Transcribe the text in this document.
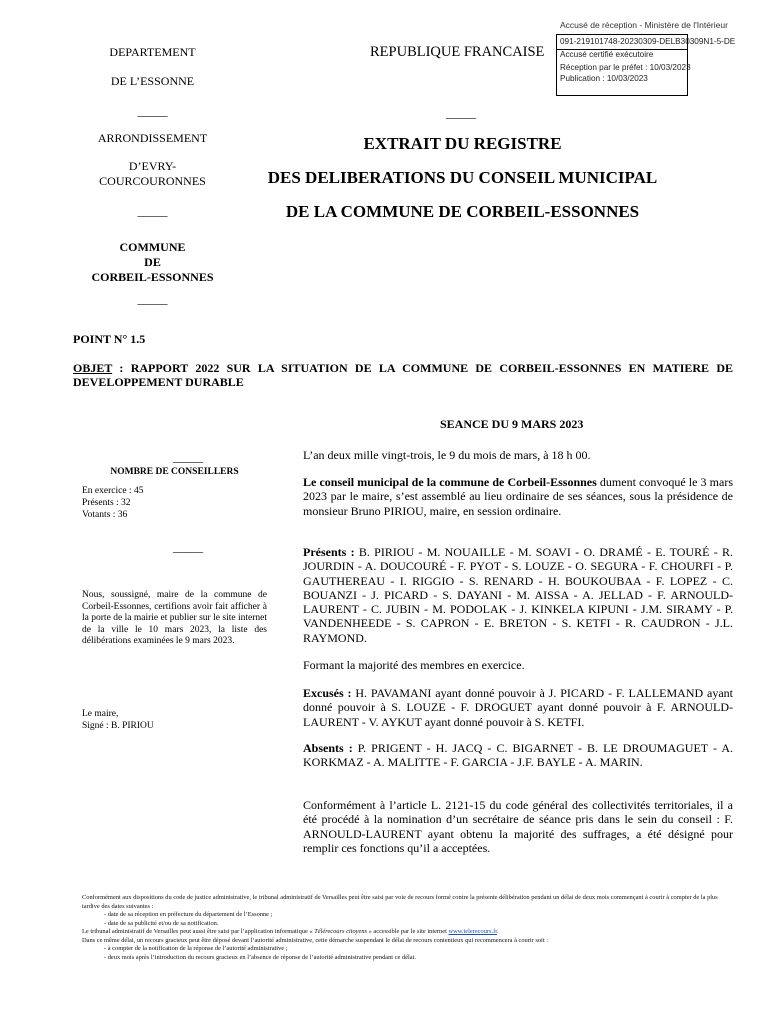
Accusé de réception - Ministère de l'Intérieur
091-219101748-20230309-DELB30309N1-5-DE
Accusé certifié exécutoire
Réception par le préfet : 10/03/2023
Publication : 10/03/2023
DEPARTEMENT
DE L’ESSONNE
_____
ARRONDISSEMENT
D’EVRY-
COURCOURONNES
_____
COMMUNE
DE
CORBEIL-ESSONNES
_____
REPUBLIQUE FRANCAISE
_____
EXTRAIT DU REGISTRE
DES DELIBERATIONS DU CONSEIL MUNICIPAL
DE LA COMMUNE DE CORBEIL-ESSONNES
POINT N° 1.5
OBJET : RAPPORT 2022 SUR LA SITUATION DE LA COMMUNE DE CORBEIL-ESSONNES EN MATIERE DE DEVELOPPEMENT DURABLE
SEANCE DU 9 MARS 2023
_____
NOMBRE DE CONSEILLERS
En exercice : 45
Présents : 32
Votants : 36
_____
Nous, soussigné, maire de la commune de Corbeil-Essonnes, certifions avoir fait afficher à la porte de la mairie et publier sur le site internet de la ville le 10 mars 2023, la liste des délibérations examinées le 9 mars 2023.
Le maire,
Signé : B. PIRIOU
L’an deux mille vingt-trois, le 9 du mois de mars, à 18 h 00.
Le conseil municipal de la commune de Corbeil-Essonnes dument convoqué le 3 mars 2023 par le maire, s’est assemblé au lieu ordinaire de ses séances, sous la présidence de monsieur Bruno PIRIOU, maire, en session ordinaire.
Présents : B. PIRIOU - M. NOUAILLE - M. SOAVI - O. DRAMÉ - E. TOURÉ - R. JOURDIN - A. DOUCOURÉ - F. PYOT - S. LOUZE - O. SEGURA - F. CHOURFI - P. GAUTHEREAU - I. RIGGIO - S. RENARD - H. BOUKOUBAA - F. LOPEZ - C. BOUANZI - J. PICARD - S. DAYANI - M. AISSA - A. JELLAD - F. ARNOULD-LAURENT - C. JUBIN - M. PODOLAK - J. KINKELA KIPUNI - J.M. SIRAMY - P. VANDENHEEDE - S. CAPRON - E. BRETON - S. KETFI - R. CAUDRON - J.L. RAYMOND.
Formant la majorité des membres en exercice.
Excusés : H. PAVAMANI ayant donné pouvoir à J. PICARD - F. LALLEMAND ayant donné pouvoir à S. LOUZE - F. DROGUET ayant donné pouvoir à F. ARNOULD-LAURENT - V. AYKUT ayant donné pouvoir à S. KETFI.
Absents : P. PRIGENT - H. JACQ - C. BIGARNET - B. LE DROUMAGUET - A. KORKMAZ - A. MALITTE - F. GARCIA - J.F. BAYLE - A. MARIN.
Conformément à l’article L. 2121-15 du code général des collectivités territoriales, il a été procédé à la nomination d’un secrétaire de séance pris dans le sein du conseil : F. ARNOULD-LAURENT ayant obtenu la majorité des suffrages, a été désigné pour remplir ces fonctions qu’il a acceptées.
Conformément aux dispositions du code de justice administrative, le tribunal administratif de Versailles peut être saisi par voie de recours formé contre la présente délibération pendant un délai de deux mois commençant à courir à compter de la plus tardive des dates suivantes :
- date de sa réception en préfecture du département de l’Essonne ;
- date de sa publicité et/ou de sa notification.
Le tribunal administratif de Versailles peut aussi être saisi par l’application informatique « Télérecours citoyens » accessible par le site internet www.telerecours.fr.
Dans ce même délai, un recours gracieux peut être déposé devant l’autorité administrative, cette démarche suspendant le délai de recours contentieux qui recommencera à courir soit :
- à compter de la notification de la réponse de l’autorité administrative ;
- deux mois après l’introduction du recours gracieux en l’absence de réponse de l’autorité administrative pendant ce délai.
